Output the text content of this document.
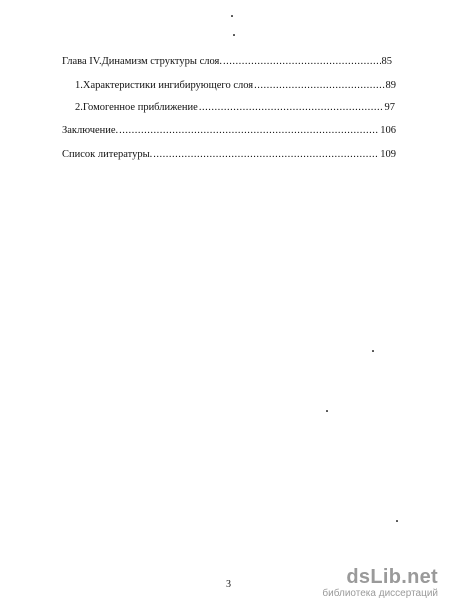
Глава IV. Динамизм структуры слоя. .....	85
1. Характеристики ингибирующего слоя .....	89
2. Гомогенное приближение .....	97
Заключение. .....	106
Список литературы. .....	109
3	dsLib.net
библиотека диссертаций
